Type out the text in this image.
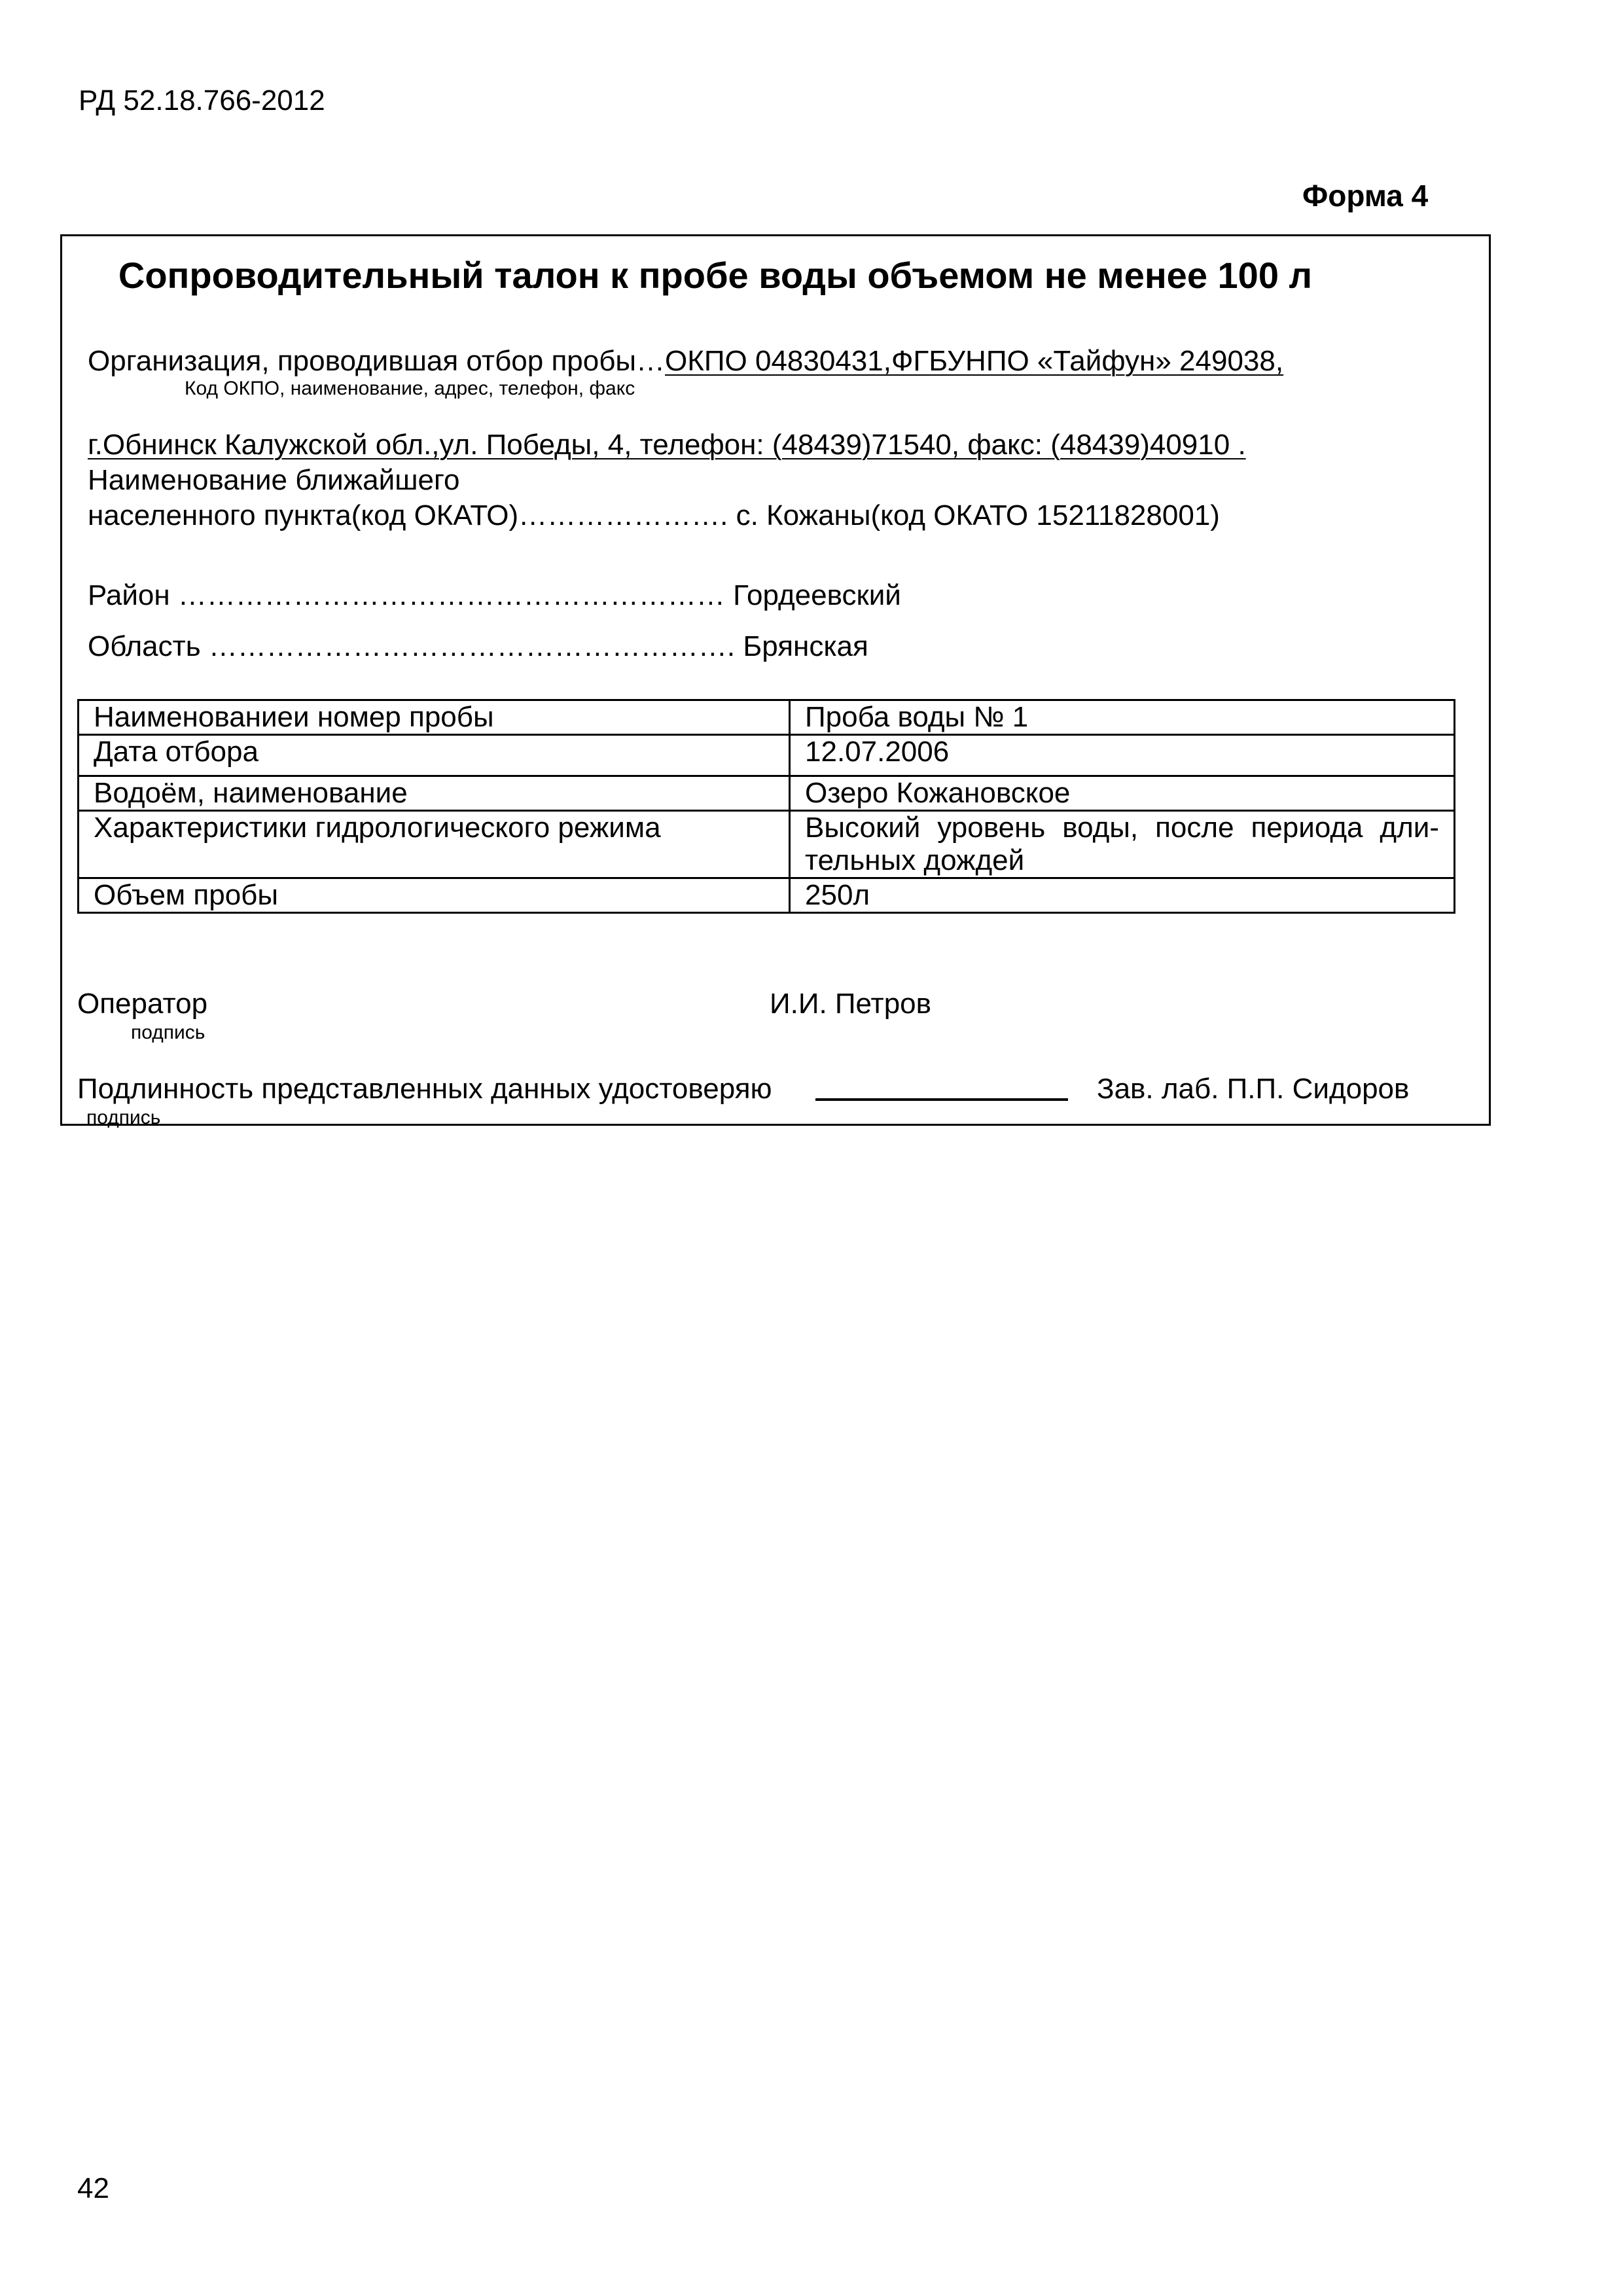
РД 52.18.766-2012
Форма 4
Сопроводительный талон к пробе воды объемом не менее 100 л
Организация, проводившая отбор пробы…ОКПО 04830431,ФГБУНПО «Тайфун» 249038,
Код ОКПО, наименование, адрес, телефон, факс
г.Обнинск Калужской обл.,ул. Победы, 4, телефон: (48439)71540, факс: (48439)40910 .
Наименование ближайшего
населенного пункта(код ОКАТО)…………………. с. Кожаны(код ОКАТО 15211828001)
Район ………………………………………………… Гордеевский
Область ………………………………………………. Брянская
Наименованиеи номер пробы	Проба воды № 1
Дата отбора	12.07.2006
Водоём, наименование	Озеро Кожановское
Характеристики гидрологического режима	Высокий уровень воды, после периода дли-тельных дождей
Объем пробы	250л
Оператор
подпись
И.И. Петров
Подлинность представленных данных удостоверяю	Зав. лаб. П.П. Сидоров
подпись
42
